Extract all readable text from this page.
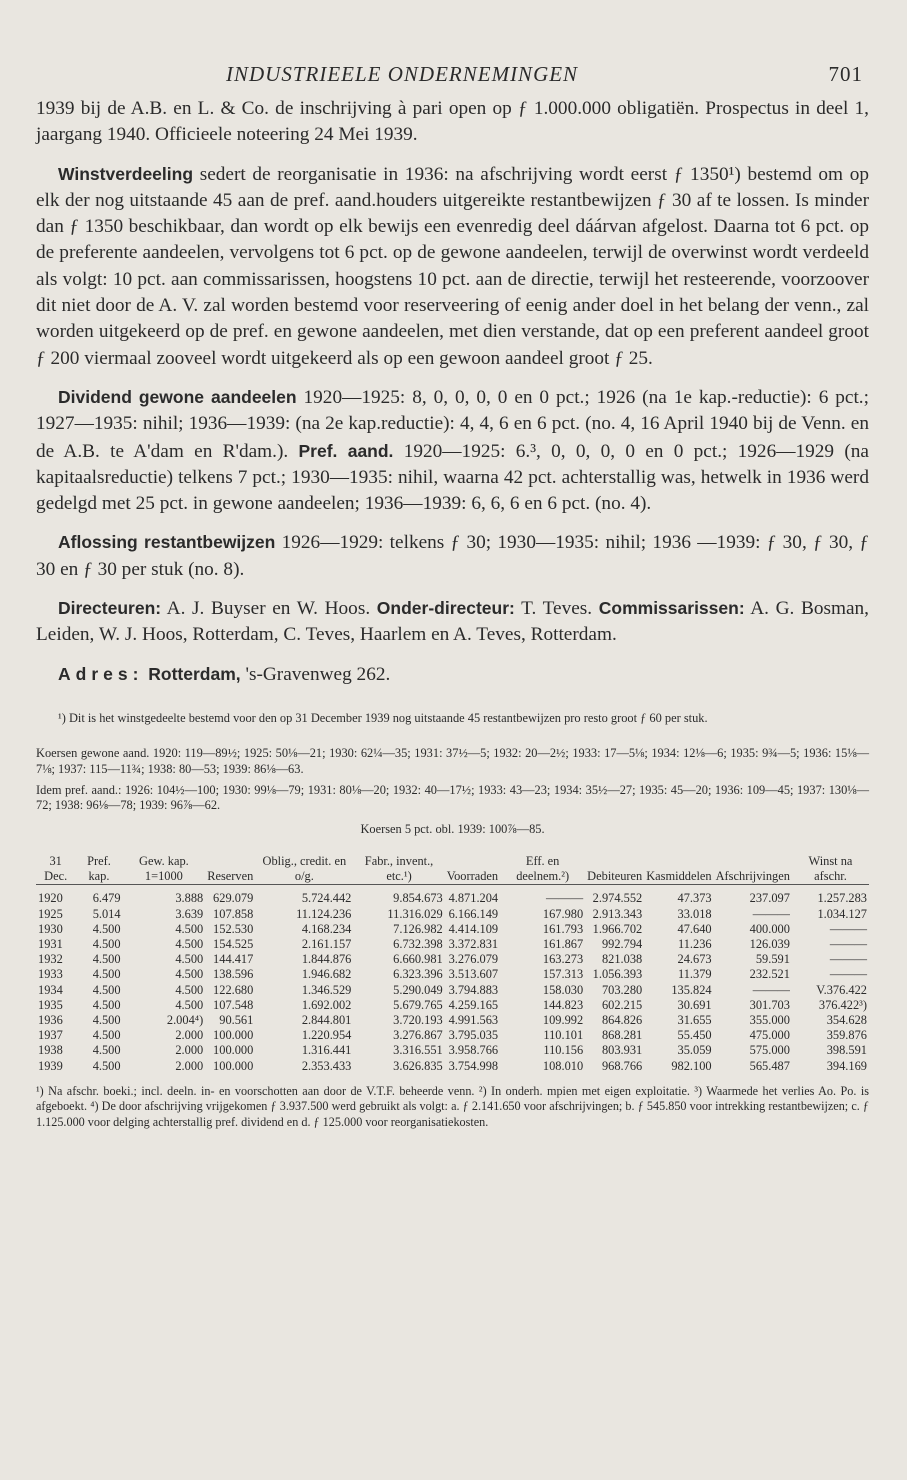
INDUSTRIEELE ONDERNEMINGEN	701

1939 bij de A.B. en L. & Co. de inschrijving à pari open op ƒ 1.000.000 obligatiën. Prospectus in deel 1, jaargang 1940. Officieele noteering 24 Mei 1939.

Winstverdeeling sedert de reorganisatie in 1936: na afschrijving wordt eerst ƒ 1350¹) bestemd om op elk der nog uitstaande 45 aan de pref. aand.houders uitgereikte restantbewijzen ƒ 30 af te lossen. Is minder dan ƒ 1350 beschikbaar, dan wordt op elk bewijs een evenredig deel dáárvan afgelost. Daarna tot 6 pct. op de preferente aandeelen, vervolgens tot 6 pct. op de gewone aandeelen, terwijl de overwinst wordt verdeeld als volgt: 10 pct. aan commissarissen, hoogstens 10 pct. aan de directie, terwijl het resteerende, voorzoover dit niet door de A. V. zal worden bestemd voor reserveering of eenig ander doel in het belang der venn., zal worden uitgekeerd op de pref. en gewone aandeelen, met dien verstande, dat op een preferent aandeel groot ƒ 200 viermaal zooveel wordt uitgekeerd als op een gewoon aandeel groot ƒ 25.

Dividend gewone aandeelen 1920—1925: 8, 0, 0, 0, 0 en 0 pct.; 1926 (na 1e kap.-reductie): 6 pct.; 1927—1935: nihil; 1936—1939: (na 2e kap.reductie): 4, 4, 6 en 6 pct. (no. 4, 16 April 1940 bij de Venn. en de A.B. te A'dam en R'dam.). Pref. aand. 1920—1925: 6.³, 0, 0, 0, 0 en 0 pct.; 1926—1929 (na kapitaalsreductie) telkens 7 pct.; 1930—1935: nihil, waarna 42 pct. achterstallig was, hetwelk in 1936 werd gedelgd met 25 pct. in gewone aandeelen; 1936—1939: 6, 6, 6 en 6 pct. (no. 4).

Aflossing restantbewijzen 1926—1929: telkens ƒ 30; 1930—1935: nihil; 1936 —1939: ƒ 30, ƒ 30, ƒ 30 en ƒ 30 per stuk (no. 8).

Directeuren: A. J. Buyser en W. Hoos. Onder-directeur: T. Teves. Commissarissen: A. G. Bosman, Leiden, W. J. Hoos, Rotterdam, C. Teves, Haarlem en A. Teves, Rotterdam.

Adres: Rotterdam, 's-Gravenweg 262.

¹) Dit is het winstgedeelte bestemd voor den op 31 December 1939 nog uitstaande 45 restantbewijzen pro resto groot ƒ 60 per stuk.

Koersen gewone aand. 1920: 119—89½; 1925: 50⅛—21; 1930: 62¼—35; 1931: 37½—5; 1932: 20—2½; 1933: 17—5⅛; 1934: 12⅛—6; 1935: 9¾—5; 1936: 15⅛—7⅛; 1937: 115—11¾; 1938: 80—53; 1939: 86⅛—63.

Idem pref. aand.: 1926: 104½—100; 1930: 99⅛—79; 1931: 80⅛—20; 1932: 40—17½; 1933: 43—23; 1934: 35½—27; 1935: 45—20; 1936: 109—45; 1937: 130⅛—72; 1938: 96⅛—78; 1939: 96⅞—62.

Koersen 5 pct. obl. 1939: 100⅞—85.

31 Dec.	Pref. kap.	Gew. kap. 1=1000	Reserven	Oblig., credit. en o/g.	Fabr., invent., etc.¹)	Voorraden	Eff. en deelnem.²)	Debiteuren	Kasmiddelen	Afschrijvingen	Winst na afschr.

1920	6.479	3.888	629.079	5.724.442	9.854.673	4.871.204	———	2.974.552	47.373	237.097	1.257.283
1925	5.014	3.639	107.858	11.124.236	11.316.029	6.166.149	167.980	2.913.343	33.018	———	1.034.127
1930	4.500	4.500	152.530	4.168.234	7.126.982	4.414.109	161.793	1.966.702	47.640	400.000	———
1931	4.500	4.500	154.525	2.161.157	6.732.398	3.372.831	161.867	992.794	11.236	126.039	———
1932	4.500	4.500	144.417	1.844.876	6.660.981	3.276.079	163.273	821.038	24.673	59.591	———
1933	4.500	4.500	138.596	1.946.682	6.323.396	3.513.607	157.313	1.056.393	11.379	232.521	———
1934	4.500	4.500	122.680	1.346.529	5.290.049	3.794.883	158.030	703.280	135.824	———	V.376.422
1935	4.500	4.500	107.548	1.692.002	5.679.765	4.259.165	144.823	602.215	30.691	301.703	376.422³)
1936	4.500	2.004⁴)	90.561	2.844.801	3.720.193	4.991.563	109.992	864.826	31.655	355.000	354.628
1937	4.500	2.000	100.000	1.220.954	3.276.867	3.795.035	110.101	868.281	55.450	475.000	359.876
1938	4.500	2.000	100.000	1.316.441	3.316.551	3.958.766	110.156	803.931	35.059	575.000	398.591
1939	4.500	2.000	100.000	2.353.433	3.626.835	3.754.998	108.010	968.766	982.100	565.487	394.169

¹) Na afschr. boeki.; incl. deeln. in- en voorschotten aan door de V.T.F. beheerde venn. ²) In onderh. mpien met eigen exploitatie. ³) Waarmede het verlies Ao. Po. is afgeboekt. ⁴) De door afschrijving vrijgekomen ƒ 3.937.500 werd gebruikt als volgt: a. ƒ 2.141.650 voor afschrijvingen; b. ƒ 545.850 voor intrekking restantbewijzen; c. ƒ 1.125.000 voor delging achterstallig pref. dividend en d. ƒ 125.000 voor reorganisatiekosten.
